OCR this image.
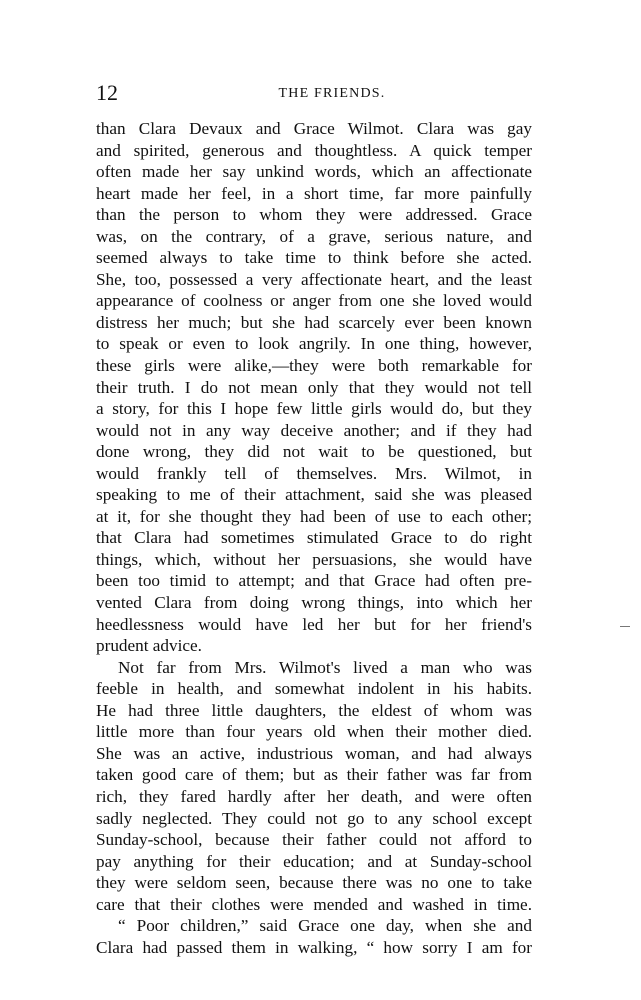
12	THE FRIENDS.
than Clara Devaux and Grace Wilmot. Clara was gay
and spirited, generous and thoughtless. A quick temper
often made her say unkind words, which an affectionate
heart made her feel, in a short time, far more painfully
than the person to whom they were addressed. Grace
was, on the contrary, of a grave, serious nature, and
seemed always to take time to think before she acted.
She, too, possessed a very affectionate heart, and the least
appearance of coolness or anger from one she loved would
distress her much; but she had scarcely ever been known
to speak or even to look angrily. In one thing, however,
these girls were alike,—they were both remarkable for
their truth. I do not mean only that they would not tell
a story, for this I hope few little girls would do, but they
would not in any way deceive another; and if they had
done wrong, they did not wait to be questioned, but
would frankly tell of themselves. Mrs. Wilmot, in
speaking to me of their attachment, said she was pleased
at it, for she thought they had been of use to each other;
that Clara had sometimes stimulated Grace to do right
things, which, without her persuasions, she would have
been too timid to attempt; and that Grace had often pre-
vented Clara from doing wrong things, into which her
heedlessness would have led her but for her friend's
prudent advice.
Not far from Mrs. Wilmot's lived a man who was
feeble in health, and somewhat indolent in his habits.
He had three little daughters, the eldest of whom was
little more than four years old when their mother died.
She was an active, industrious woman, and had always
taken good care of them; but as their father was far from
rich, they fared hardly after her death, and were often
sadly neglected. They could not go to any school except
Sunday-school, because their father could not afford to
pay anything for their education; and at Sunday-school
they were seldom seen, because there was no one to take
care that their clothes were mended and washed in time.
“ Poor children,” said Grace one day, when she and
Clara had passed them in walking, “ how sorry I am for
